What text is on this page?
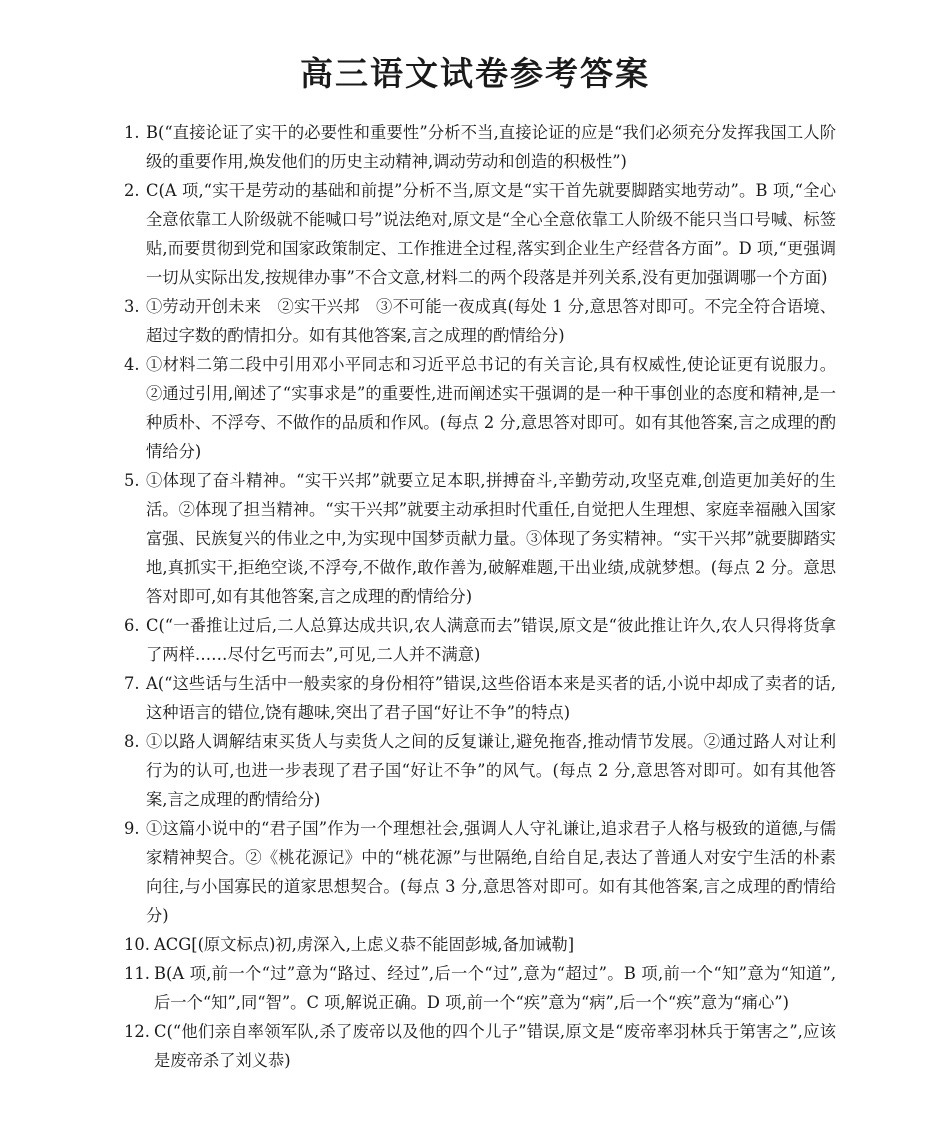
高三语文试卷参考答案
1. B(“直接论证了实干的必要性和重要性”分析不当,直接论证的应是“我们必须充分发挥我国工人阶级的重要作用,焕发他们的历史主动精神,调动劳动和创造的积极性”)
2. C(A 项,“实干是劳动的基础和前提”分析不当,原文是“实干首先就要脚踏实地劳动”。B 项,“全心全意依靠工人阶级就不能喊口号”说法绝对,原文是“全心全意依靠工人阶级不能只当口号喊、标签贴,而要贯彻到党和国家政策制定、工作推进全过程,落实到企业生产经营各方面”。D 项,“更强调一切从实际出发,按规律办事”不合文意,材料二的两个段落是并列关系,没有更加强调哪一个方面)
3. ①劳动开创未来　②实干兴邦　③不可能一夜成真(每处 1 分,意思答对即可。不完全符合语境、超过字数的酌情扣分。如有其他答案,言之成理的酌情给分)
4. ①材料二第二段中引用邓小平同志和习近平总书记的有关言论,具有权威性,使论证更有说服力。②通过引用,阐述了“实事求是”的重要性,进而阐述实干强调的是一种干事创业的态度和精神,是一种质朴、不浮夸、不做作的品质和作风。(每点 2 分,意思答对即可。如有其他答案,言之成理的酌情给分)
5. ①体现了奋斗精神。“实干兴邦”就要立足本职,拼搏奋斗,辛勤劳动,攻坚克难,创造更加美好的生活。②体现了担当精神。“实干兴邦”就要主动承担时代重任,自觉把人生理想、家庭幸福融入国家富强、民族复兴的伟业之中,为实现中国梦贡献力量。③体现了务实精神。“实干兴邦”就要脚踏实地,真抓实干,拒绝空谈,不浮夸,不做作,敢作善为,破解难题,干出业绩,成就梦想。(每点 2 分。意思答对即可,如有其他答案,言之成理的酌情给分)
6. C(“一番推让过后,二人总算达成共识,农人满意而去”错误,原文是“彼此推让许久,农人只得将货拿了两样……尽付乞丐而去”,可见,二人并不满意)
7. A(“这些话与生活中一般卖家的身份相符”错误,这些俗语本来是买者的话,小说中却成了卖者的话,这种语言的错位,饶有趣味,突出了君子国“好让不争”的特点)
8. ①以路人调解结束买货人与卖货人之间的反复谦让,避免拖沓,推动情节发展。②通过路人对让利行为的认可,也进一步表现了君子国“好让不争”的风气。(每点 2 分,意思答对即可。如有其他答案,言之成理的酌情给分)
9. ①这篇小说中的“君子国”作为一个理想社会,强调人人守礼谦让,追求君子人格与极致的道德,与儒家精神契合。②《桃花源记》中的“桃花源”与世隔绝,自给自足,表达了普通人对安宁生活的朴素向往,与小国寡民的道家思想契合。(每点 3 分,意思答对即可。如有其他答案,言之成理的酌情给分)
10. ACG[(原文标点)初,虏深入,上虑义恭不能固彭城,备加诫勒]
11. B(A 项,前一个“过”意为“路过、经过”,后一个“过”,意为“超过”。B 项,前一个“知”意为“知道”,后一个“知”,同“智”。C 项,解说正确。D 项,前一个“疾”意为“病”,后一个“疾”意为“痛心”)
12. C(“他们亲自率领军队,杀了废帝以及他的四个儿子”错误,原文是“废帝率羽林兵于第害之”,应该是废帝杀了刘义恭)
